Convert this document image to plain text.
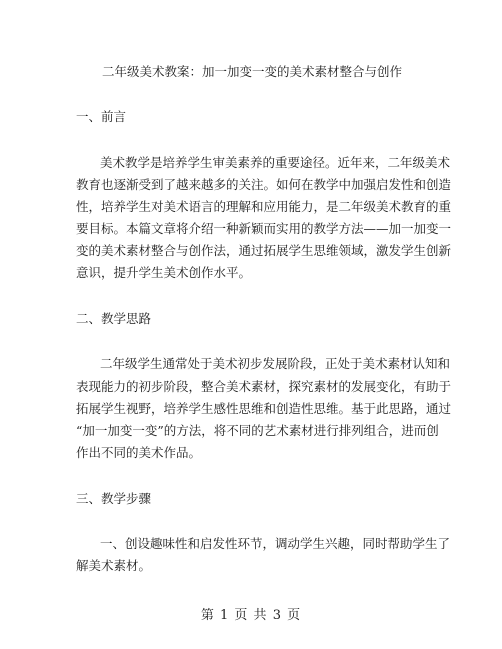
二年级美术教案：加一加变一变的美术素材整合与创作
一、前言
美术教学是培养学生审美素养的重要途径。近年来，二年级美术
教育也逐渐受到了越来越多的关注。如何在教学中加强启发性和创造
性，培养学生对美术语言的理解和应用能力，是二年级美术教育的重
要目标。本篇文章将介绍一种新颖而实用的教学方法——加一加变一
变的美术素材整合与创作法，通过拓展学生思维领域，激发学生创新
意识，提升学生美术创作水平。
二、教学思路
二年级学生通常处于美术初步发展阶段，正处于美术素材认知和
表现能力的初步阶段，整合美术素材，探究素材的发展变化，有助于
拓展学生视野，培养学生感性思维和创造性思维。基于此思路，通过
“加一加变一变”的方法，将不同的艺术素材进行排列组合，进而创
作出不同的美术作品。
三、教学步骤
一、创设趣味性和启发性环节，调动学生兴趣，同时帮助学生了
解美术素材。
第 1 页 共 3 页
